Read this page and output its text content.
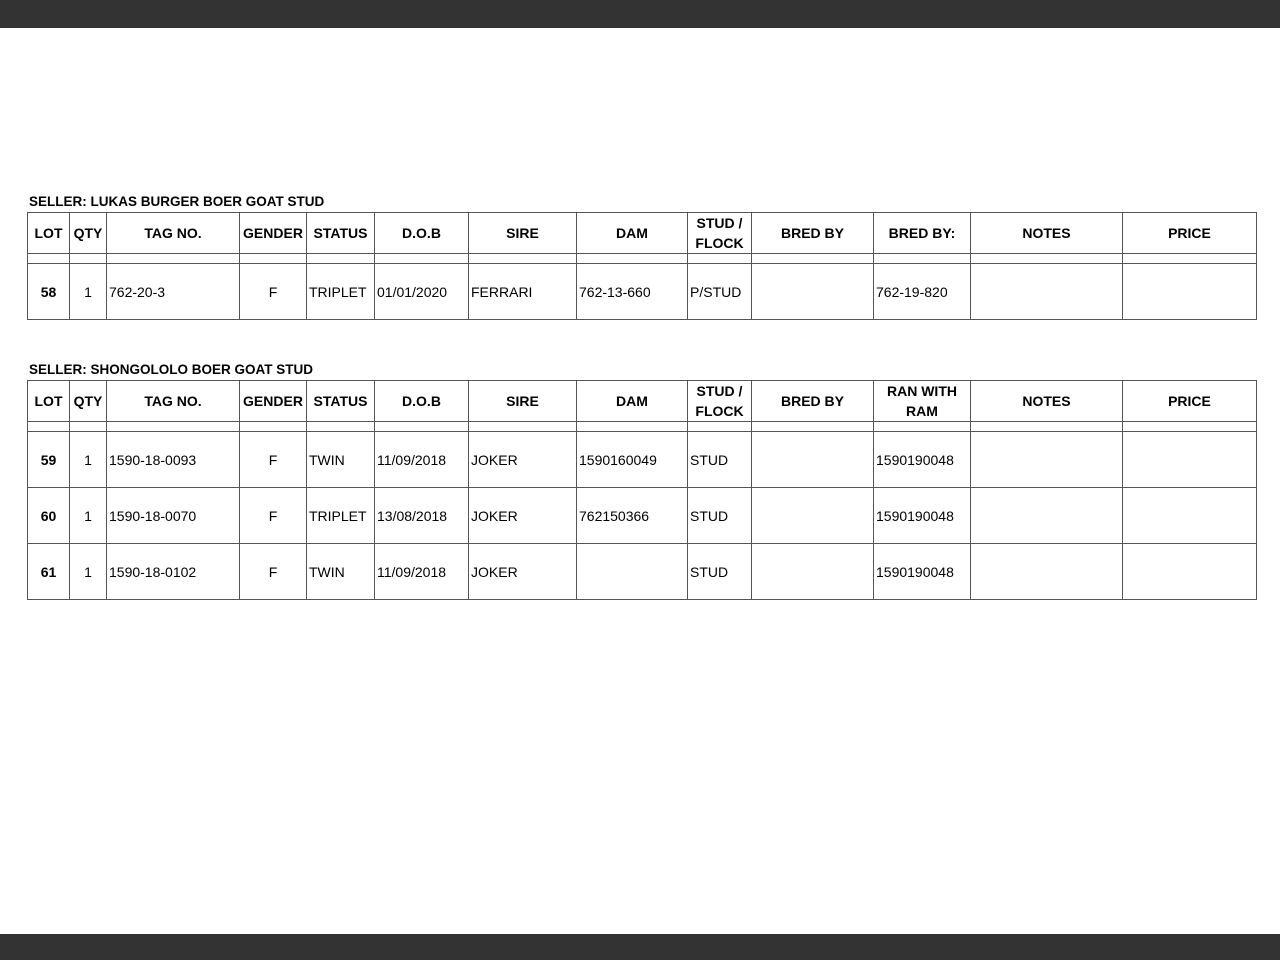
SELLER: LUKAS BURGER BOER GOAT STUD
LOT	QTY	TAG NO.	GENDER	STATUS	D.O.B	SIRE	DAM	STUD / FLOCK	BRED BY	BRED BY:	NOTES	PRICE

58	1	762-20-3	F	TRIPLET	01/01/2020	FERRARI	762-13-660	P/STUD		762-19-820		
SELLER: SHONGOLOLO BOER GOAT STUD
LOT	QTY	TAG NO.	GENDER	STATUS	D.O.B	SIRE	DAM	STUD / FLOCK	BRED BY	RAN WITH RAM	NOTES	PRICE

59	1	1590-18-0093	F	TWIN	11/09/2018	JOKER	1590160049	STUD		1590190048		
60	1	1590-18-0070	F	TRIPLET	13/08/2018	JOKER	762150366	STUD		1590190048		
61	1	1590-18-0102	F	TWIN	11/09/2018	JOKER		STUD		1590190048		
